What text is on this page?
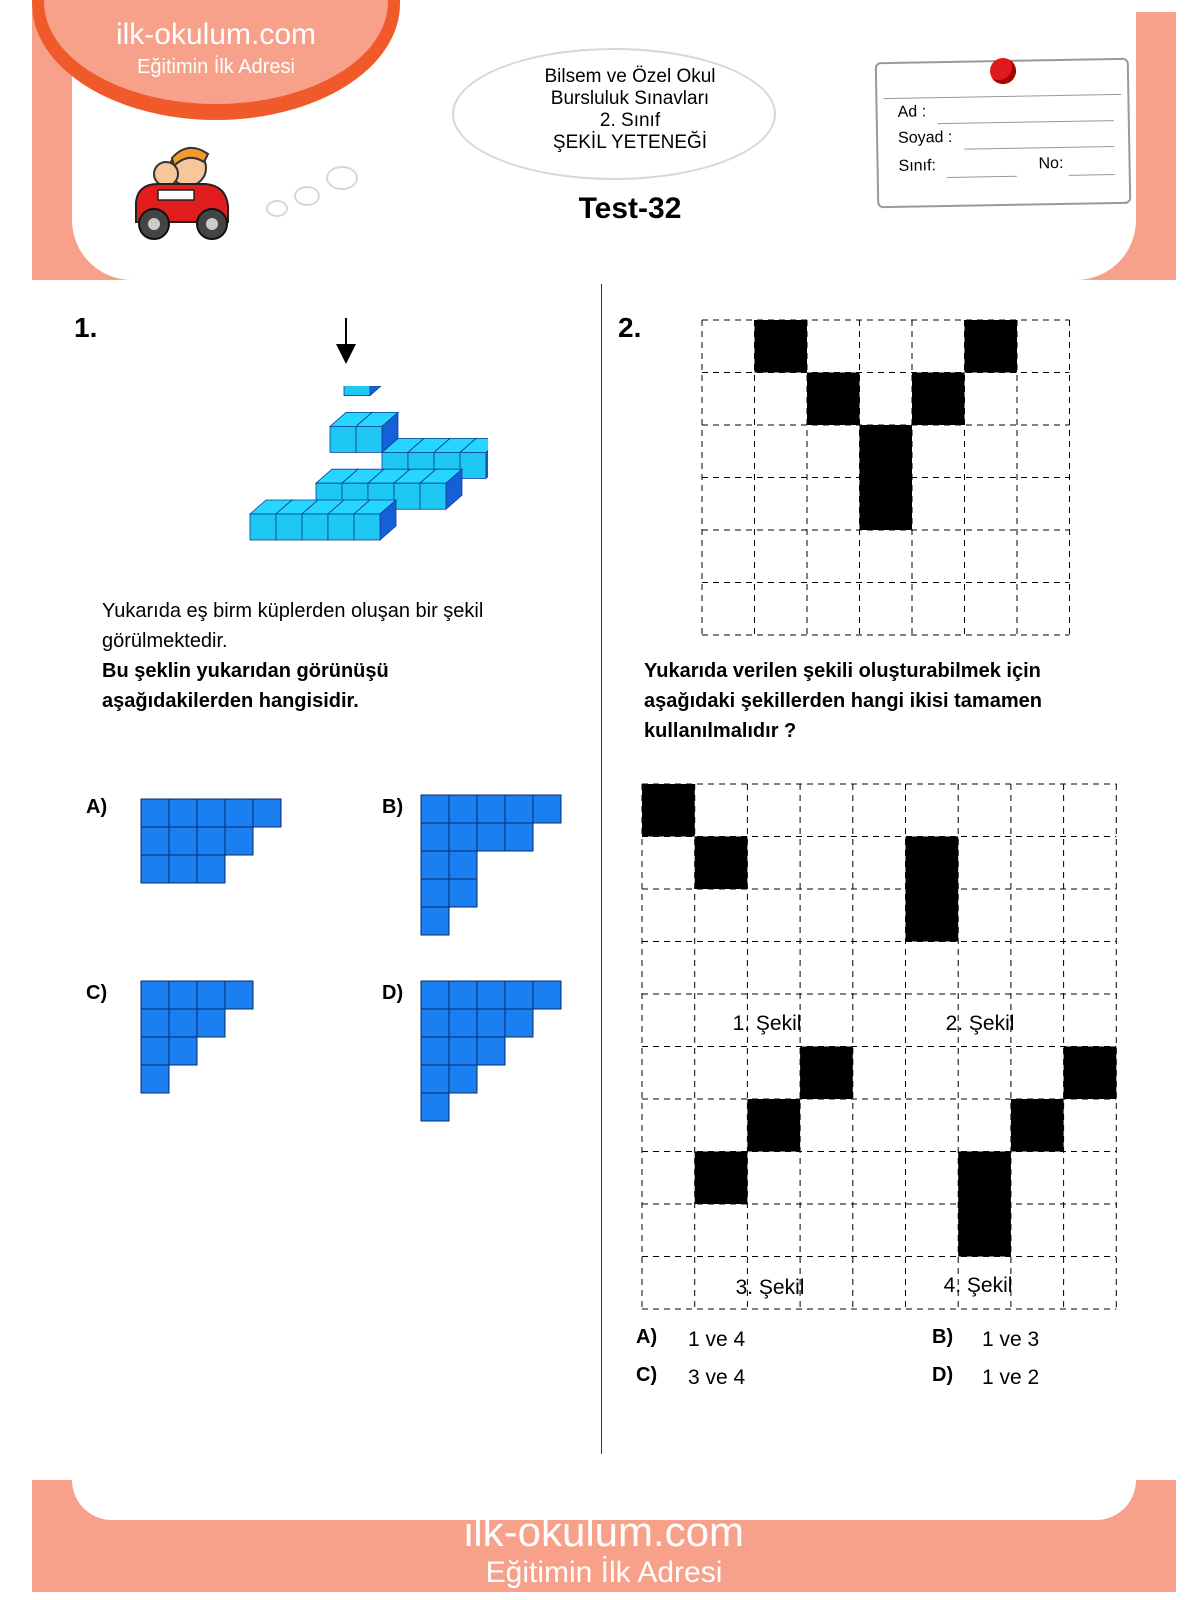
ilk-okulum.com
Eğitimin İlk Adresi	Bilsem ve Özel Okul
Bursluluk Sınavları
2. Sınıf
ŞEKİL YETENEĞİ
Test-32
Ad :
Soyad :
Sınıf:	No:
1.
Yukarıda eş birm küplerden oluşan bir şekil
görülmektedir.
Bu şeklin yukarıdan görünüşü
aşağıdakilerden hangisidir.
A)	B)
C)	D)
2.
Yukarıda verilen şekili oluşturabilmek için
aşağıdaki şekillerden hangi ikisi tamamen
kullanılmalıdır ?
1. Şekil	2. Şekil
3. Şekil	4. Şekil
A) 1 ve 4	B) 1 ve 3
C) 3 ve 4	D) 1 ve 2
ilk-okulum.com
Eğitimin İlk Adresi
